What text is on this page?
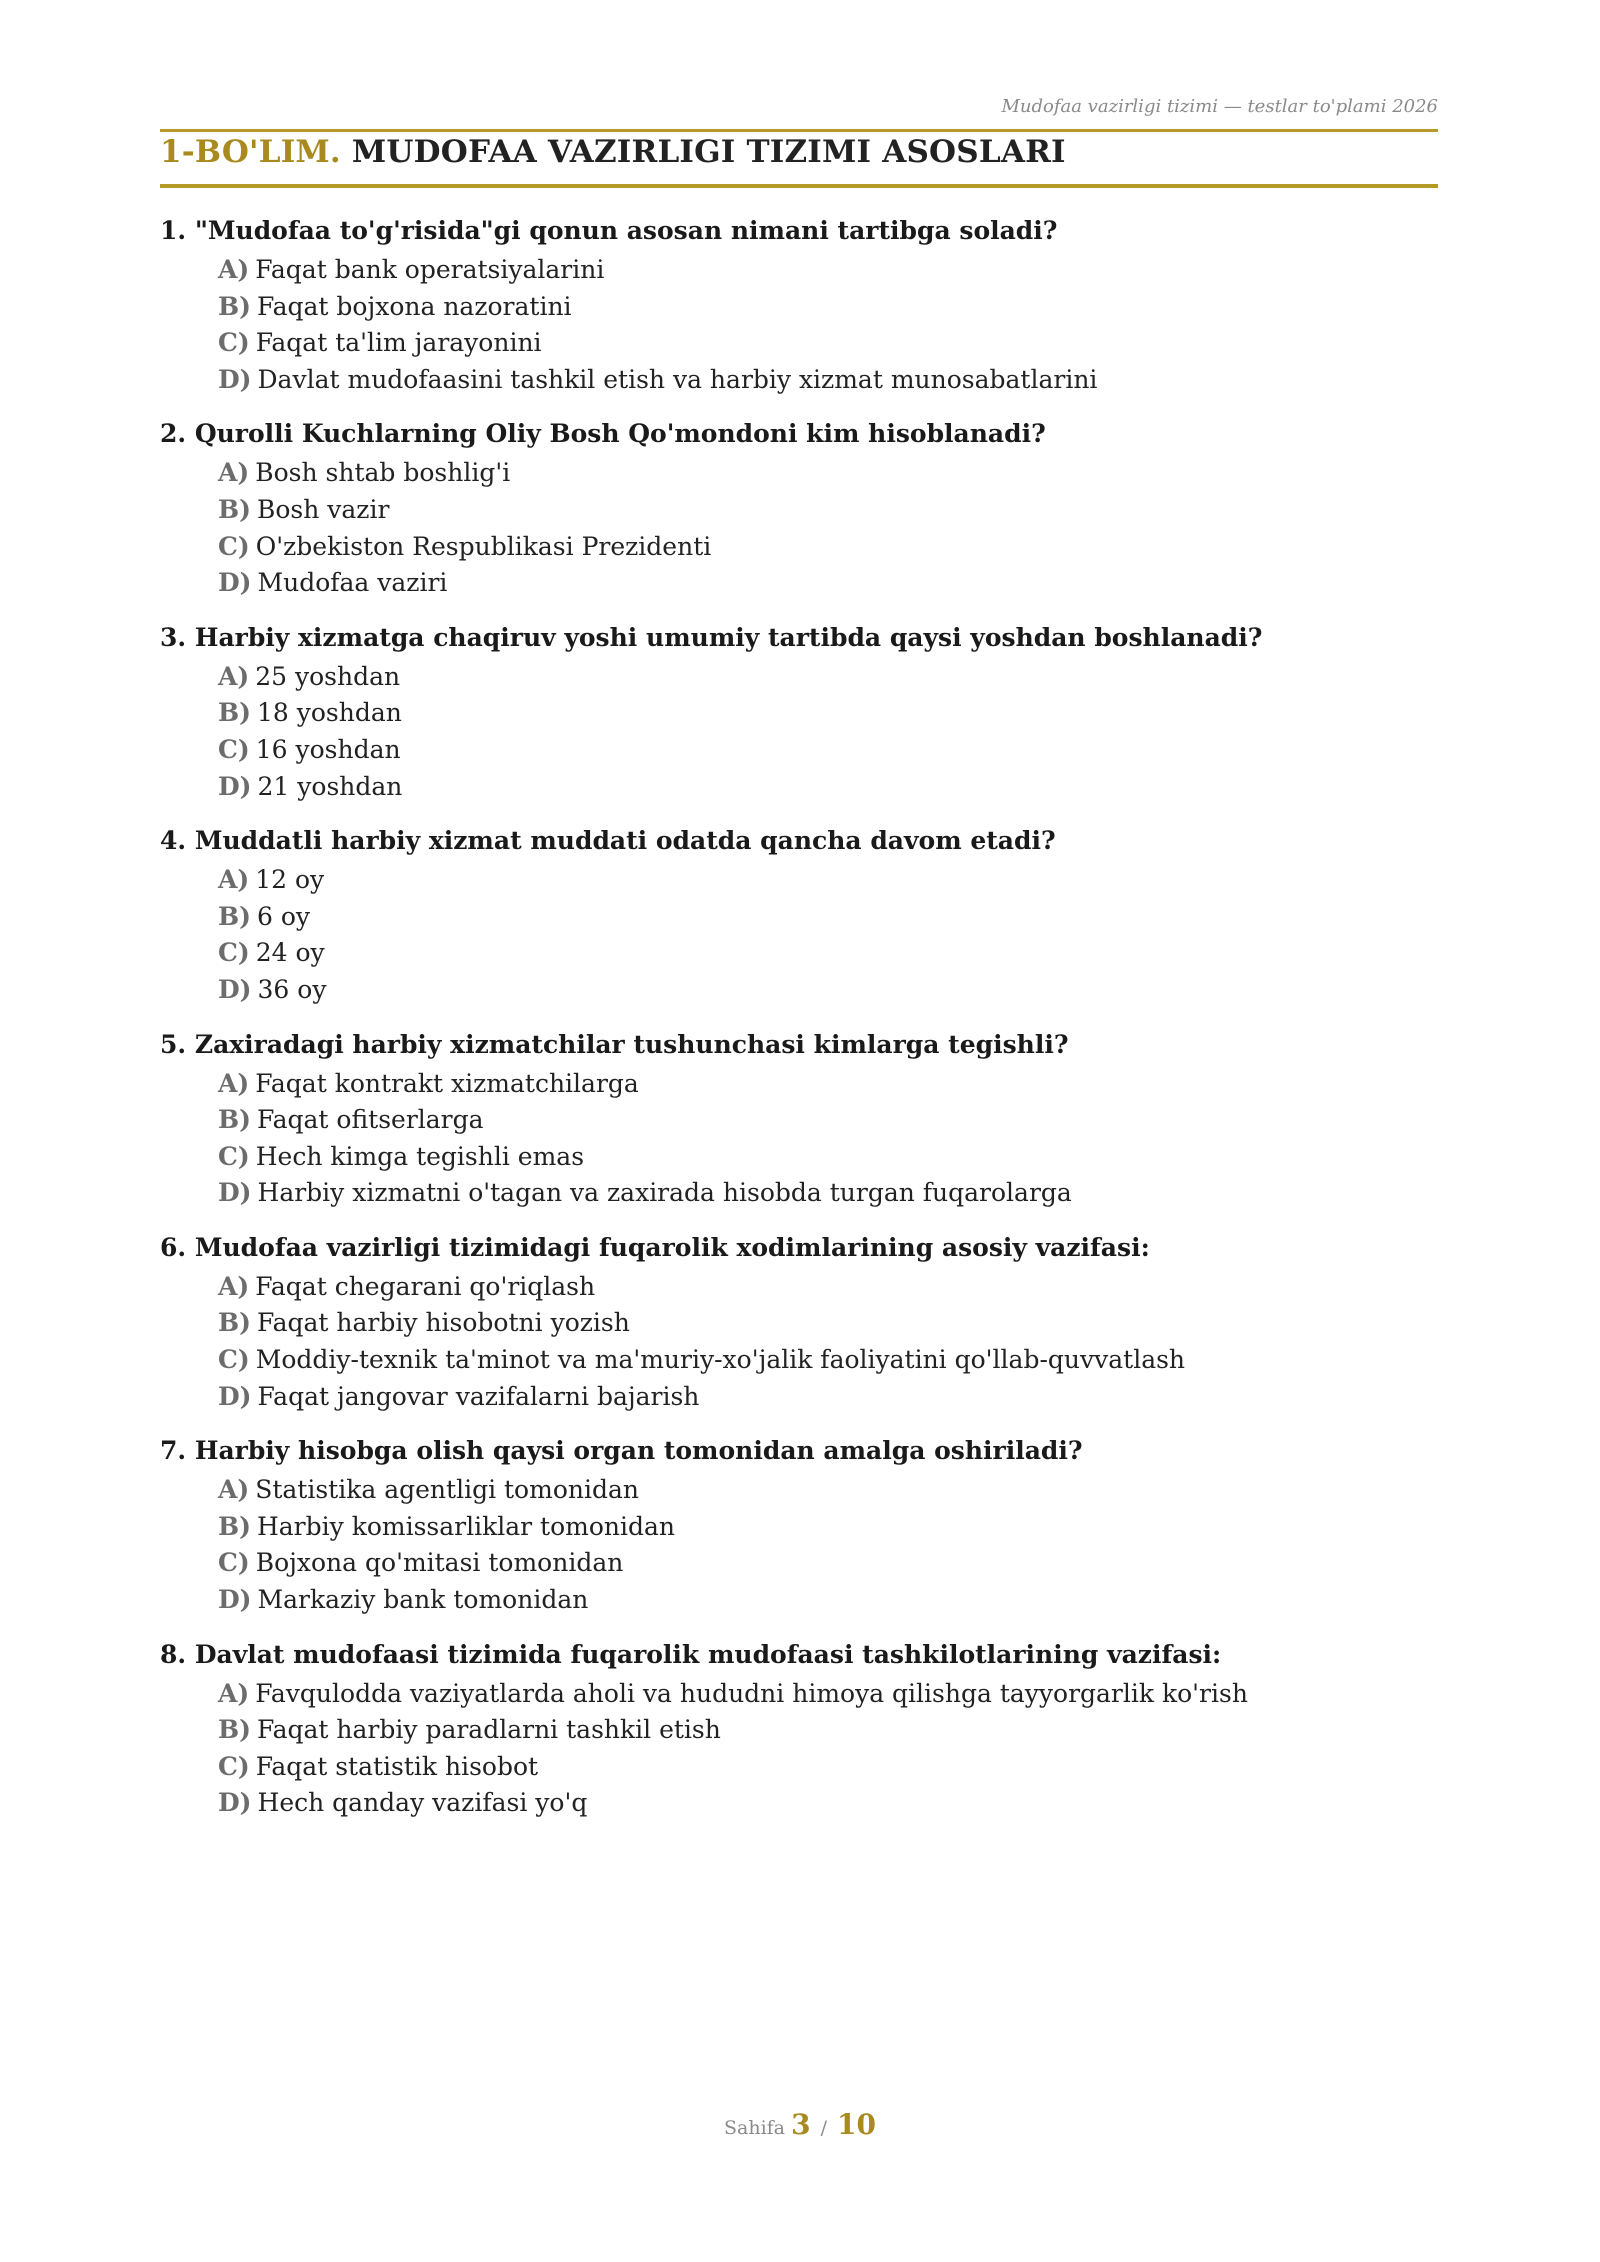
Mudofaa vazirligi tizimi — testlar to'plami 2026
1-BO'LIM. MUDOFAA VAZIRLIGI TIZIMI ASOSLARI
1. "Mudofaa to'g'risida"gi qonun asosan nimani tartibga soladi?
A) Faqat bank operatsiyalarini
B) Faqat bojxona nazoratini
C) Faqat ta'lim jarayonini
D) Davlat mudofaasini tashkil etish va harbiy xizmat munosabatlarini
2. Qurolli Kuchlarning Oliy Bosh Qo'mondoni kim hisoblanadi?
A) Bosh shtab boshlig'i
B) Bosh vazir
C) O'zbekiston Respublikasi Prezidenti
D) Mudofaa vaziri
3. Harbiy xizmatga chaqiruv yoshi umumiy tartibda qaysi yoshdan boshlanadi?
A) 25 yoshdan
B) 18 yoshdan
C) 16 yoshdan
D) 21 yoshdan
4. Muddatli harbiy xizmat muddati odatda qancha davom etadi?
A) 12 oy
B) 6 oy
C) 24 oy
D) 36 oy
5. Zaxiradagi harbiy xizmatchilar tushunchasi kimlarga tegishli?
A) Faqat kontrakt xizmatchilarga
B) Faqat ofitserlarga
C) Hech kimga tegishli emas
D) Harbiy xizmatni o'tagan va zaxirada hisobda turgan fuqarolarga
6. Mudofaa vazirligi tizimidagi fuqarolik xodimlarining asosiy vazifasi:
A) Faqat chegarani qo'riqlash
B) Faqat harbiy hisobotni yozish
C) Moddiy-texnik ta'minot va ma'muriy-xo'jalik faoliyatini qo'llab-quvvatlash
D) Faqat jangovar vazifalarni bajarish
7. Harbiy hisobga olish qaysi organ tomonidan amalga oshiriladi?
A) Statistika agentligi tomonidan
B) Harbiy komissarliklar tomonidan
C) Bojxona qo'mitasi tomonidan
D) Markaziy bank tomonidan
8. Davlat mudofaasi tizimida fuqarolik mudofaasi tashkilotlarining vazifasi:
A) Favqulodda vaziyatlarda aholi va hududni himoya qilishga tayyorgarlik ko'rish
B) Faqat harbiy paradlarni tashkil etish
C) Faqat statistik hisobot
D) Hech qanday vazifasi yo'q
Sahifa 3 / 10
